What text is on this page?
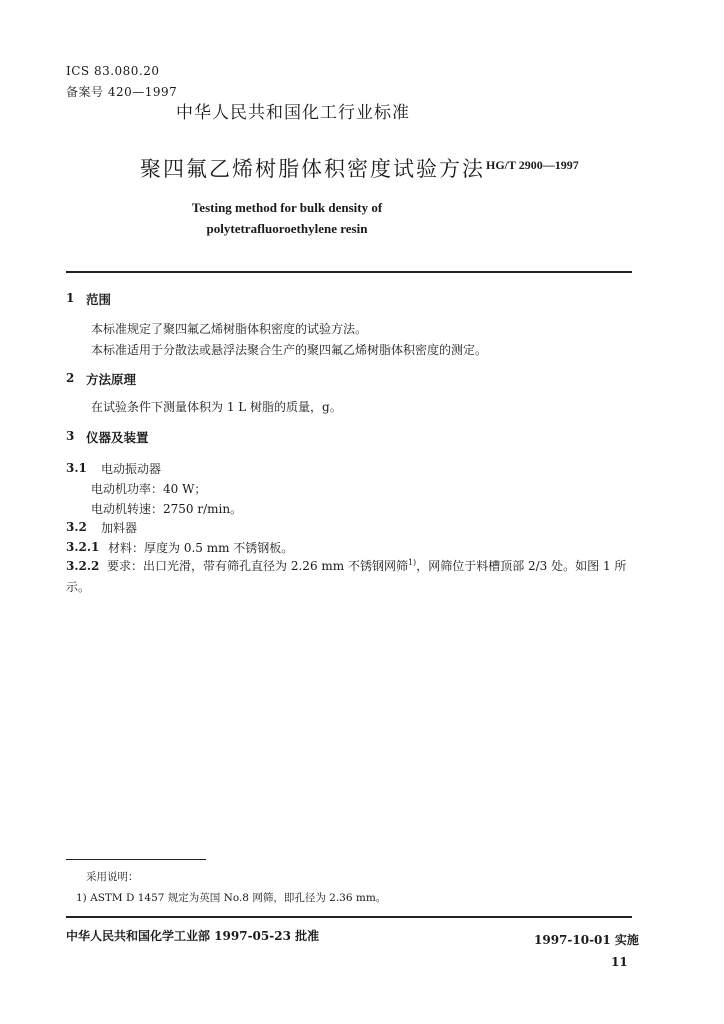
ICS 83.080.20
备案号 420—1997
中华人民共和国化工行业标准
聚四氟乙烯树脂体积密度试验方法 HG/T 2900—1997
Testing method for bulk density of
polytetrafluoroethylene resin
1 范围
本标准规定了聚四氟乙烯树脂体积密度的试验方法。
本标准适用于分散法或悬浮法聚合生产的聚四氟乙烯树脂体积密度的测定。
2 方法原理
在试验条件下测量体积为 1 L 树脂的质量，g。
3 仪器及装置
3.1 电动振动器
电动机功率：40 W；
电动机转速：2750 r/min。
3.2 加料器
3.2.1 材料：厚度为 0.5 mm 不锈钢板。
3.2.2 要求：出口光滑，带有筛孔直径为 2.26 mm 不锈钢网筛$^{1)}$，网筛位于料槽顶部 2/3 处。如图 1 所示。
采用说明：
1) ASTM D 1457 规定为英国 No.8 网筛，即孔径为 2.36 mm。
中华人民共和国化学工业部 1997-05-23 批准	1997-10-01 实施
11
